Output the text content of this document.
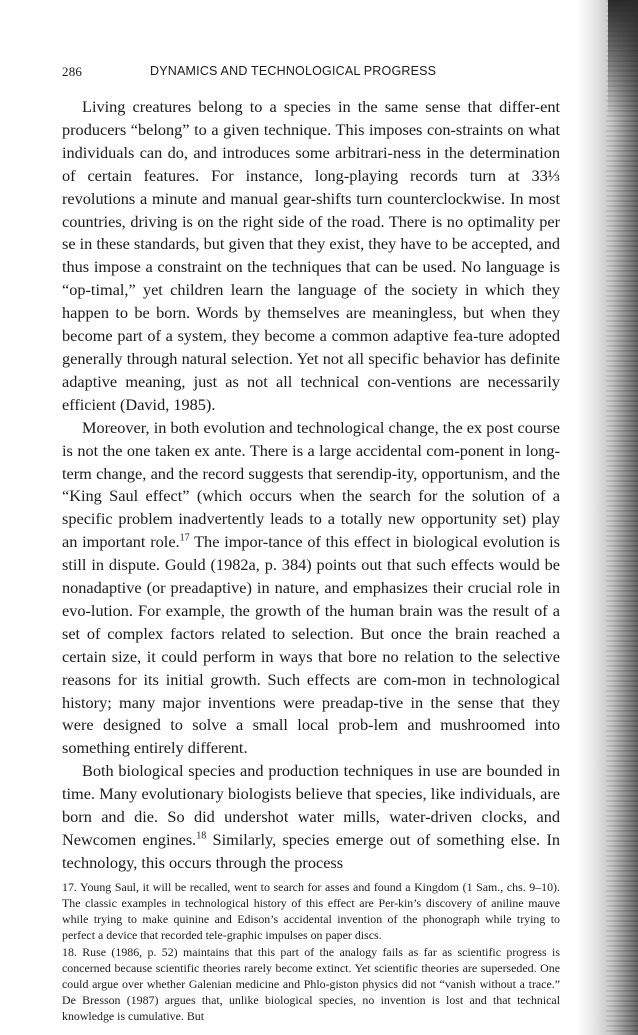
286	DYNAMICS AND TECHNOLOGICAL PROGRESS

Living creatures belong to a species in the same sense that differ-ent producers “belong” to a given technique. This imposes con-straints on what individuals can do, and introduces some arbitrari-ness in the determination of certain features. For instance, long-playing records turn at 33⅓ revolutions a minute and manual gear-shifts turn counterclockwise. In most countries, driving is on the right side of the road. There is no optimality per se in these standards, but given that they exist, they have to be accepted, and thus impose a constraint on the techniques that can be used. No language is “op-timal,” yet children learn the language of the society in which they happen to be born. Words by themselves are meaningless, but when they become part of a system, they become a common adaptive fea-ture adopted generally through natural selection. Yet not all specific behavior has definite adaptive meaning, just as not all technical con-ventions are necessarily efficient (David, 1985).

Moreover, in both evolution and technological change, the ex post course is not the one taken ex ante. There is a large accidental com-ponent in long-term change, and the record suggests that serendip-ity, opportunism, and the “King Saul effect” (which occurs when the search for the solution of a specific problem inadvertently leads to a totally new opportunity set) play an important role.$^{17}$ The impor-tance of this effect in biological evolution is still in dispute. Gould (1982a, p. 384) points out that such effects would be nonadaptive (or preadaptive) in nature, and emphasizes their crucial role in evo-lution. For example, the growth of the human brain was the result of a set of complex factors related to selection. But once the brain reached a certain size, it could perform in ways that bore no relation to the selective reasons for its initial growth. Such effects are com-mon in technological history; many major inventions were preadap-tive in the sense that they were designed to solve a small local prob-lem and mushroomed into something entirely different.

Both biological species and production techniques in use are bounded in time. Many evolutionary biologists believe that species, like individuals, are born and die. So did undershot water mills, water-driven clocks, and Newcomen engines.$^{18}$ Similarly, species emerge out of something else. In technology, this occurs through the process

17. Young Saul, it will be recalled, went to search for asses and found a Kingdom (1 Sam., chs. 9–10). The classic examples in technological history of this effect are Per-kin’s discovery of aniline mauve while trying to make quinine and Edison’s accidental invention of the phonograph while trying to perfect a device that recorded tele-graphic impulses on paper discs.

18. Ruse (1986, p. 52) maintains that this part of the analogy fails as far as scientific progress is concerned because scientific theories rarely become extinct. Yet scientific theories are superseded. One could argue over whether Galenian medicine and Phlo-giston physics did not “vanish without a trace.” De Bresson (1987) argues that, unlike biological species, no invention is lost and that technical knowledge is cumulative. But
